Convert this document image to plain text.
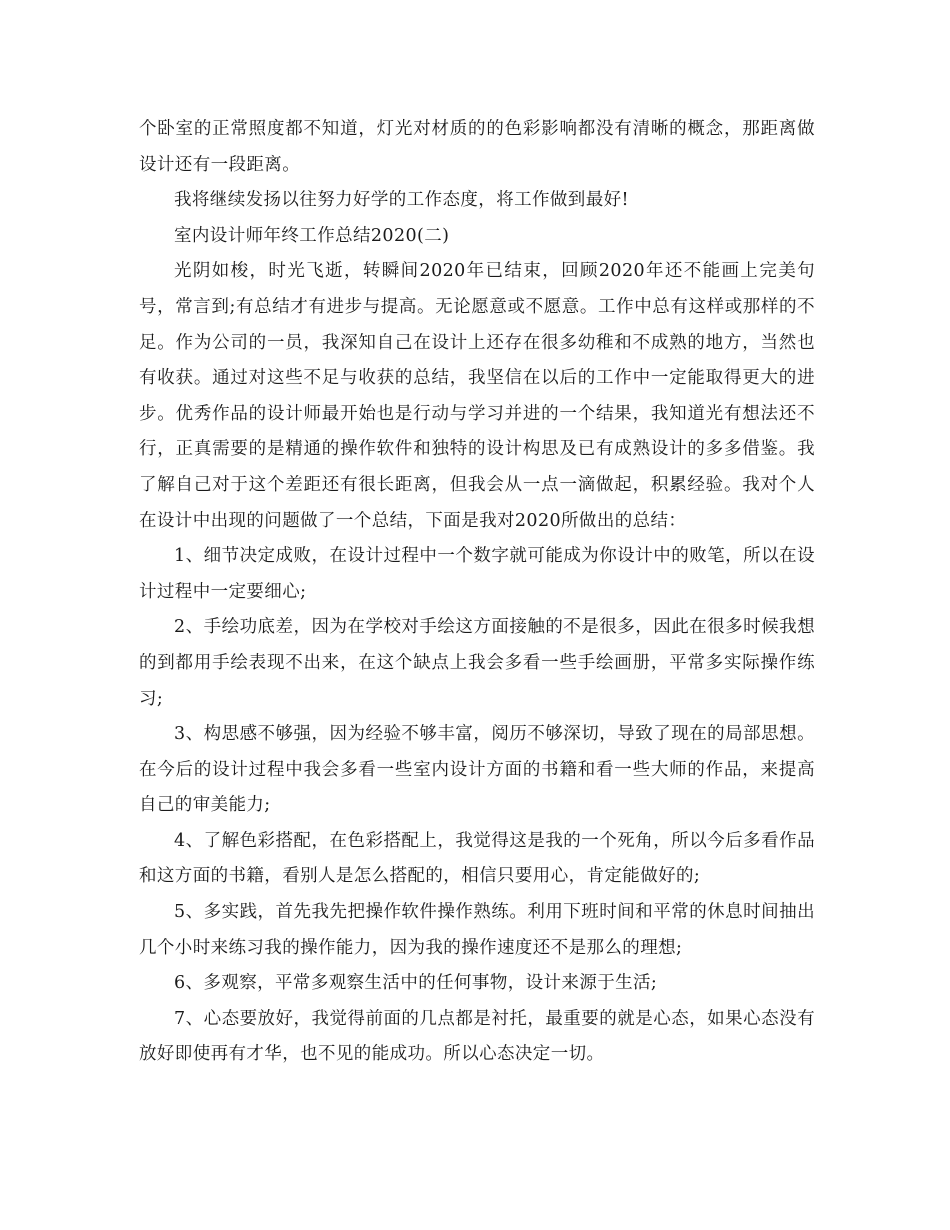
个卧室的正常照度都不知道，灯光对材质的的色彩影响都没有清晰的概念，那距离做设计还有一段距离。

我将继续发扬以往努力好学的工作态度，将工作做到最好!

室内设计师年终工作总结2020(二)

光阴如梭，时光飞逝，转瞬间2020年已结束，回顾2020年还不能画上完美句号，常言到;有总结才有进步与提高。无论愿意或不愿意。工作中总有这样或那样的不足。作为公司的一员，我深知自己在设计上还存在很多幼稚和不成熟的地方，当然也有收获。通过对这些不足与收获的总结，我坚信在以后的工作中一定能取得更大的进步。优秀作品的设计师最开始也是行动与学习并进的一个结果，我知道光有想法还不行，正真需要的是精通的操作软件和独特的设计构思及已有成熟设计的多多借鉴。我了解自己对于这个差距还有很长距离，但我会从一点一滴做起，积累经验。我对个人在设计中出现的问题做了一个总结，下面是我对2020所做出的总结：

1、细节决定成败，在设计过程中一个数字就可能成为你设计中的败笔，所以在设计过程中一定要细心;

2、手绘功底差，因为在学校对手绘这方面接触的不是很多，因此在很多时候我想的到都用手绘表现不出来，在这个缺点上我会多看一些手绘画册，平常多实际操作练习;

3、构思感不够强，因为经验不够丰富，阅历不够深切，导致了现在的局部思想。在今后的设计过程中我会多看一些室内设计方面的书籍和看一些大师的作品，来提高自己的审美能力;

4、了解色彩搭配，在色彩搭配上，我觉得这是我的一个死角，所以今后多看作品和这方面的书籍，看别人是怎么搭配的，相信只要用心，肯定能做好的;

5、多实践，首先我先把操作软件操作熟练。利用下班时间和平常的休息时间抽出几个小时来练习我的操作能力，因为我的操作速度还不是那么的理想;

6、多观察，平常多观察生活中的任何事物，设计来源于生活;

7、心态要放好，我觉得前面的几点都是衬托，最重要的就是心态，如果心态没有放好即使再有才华，也不见的能成功。所以心态决定一切。
